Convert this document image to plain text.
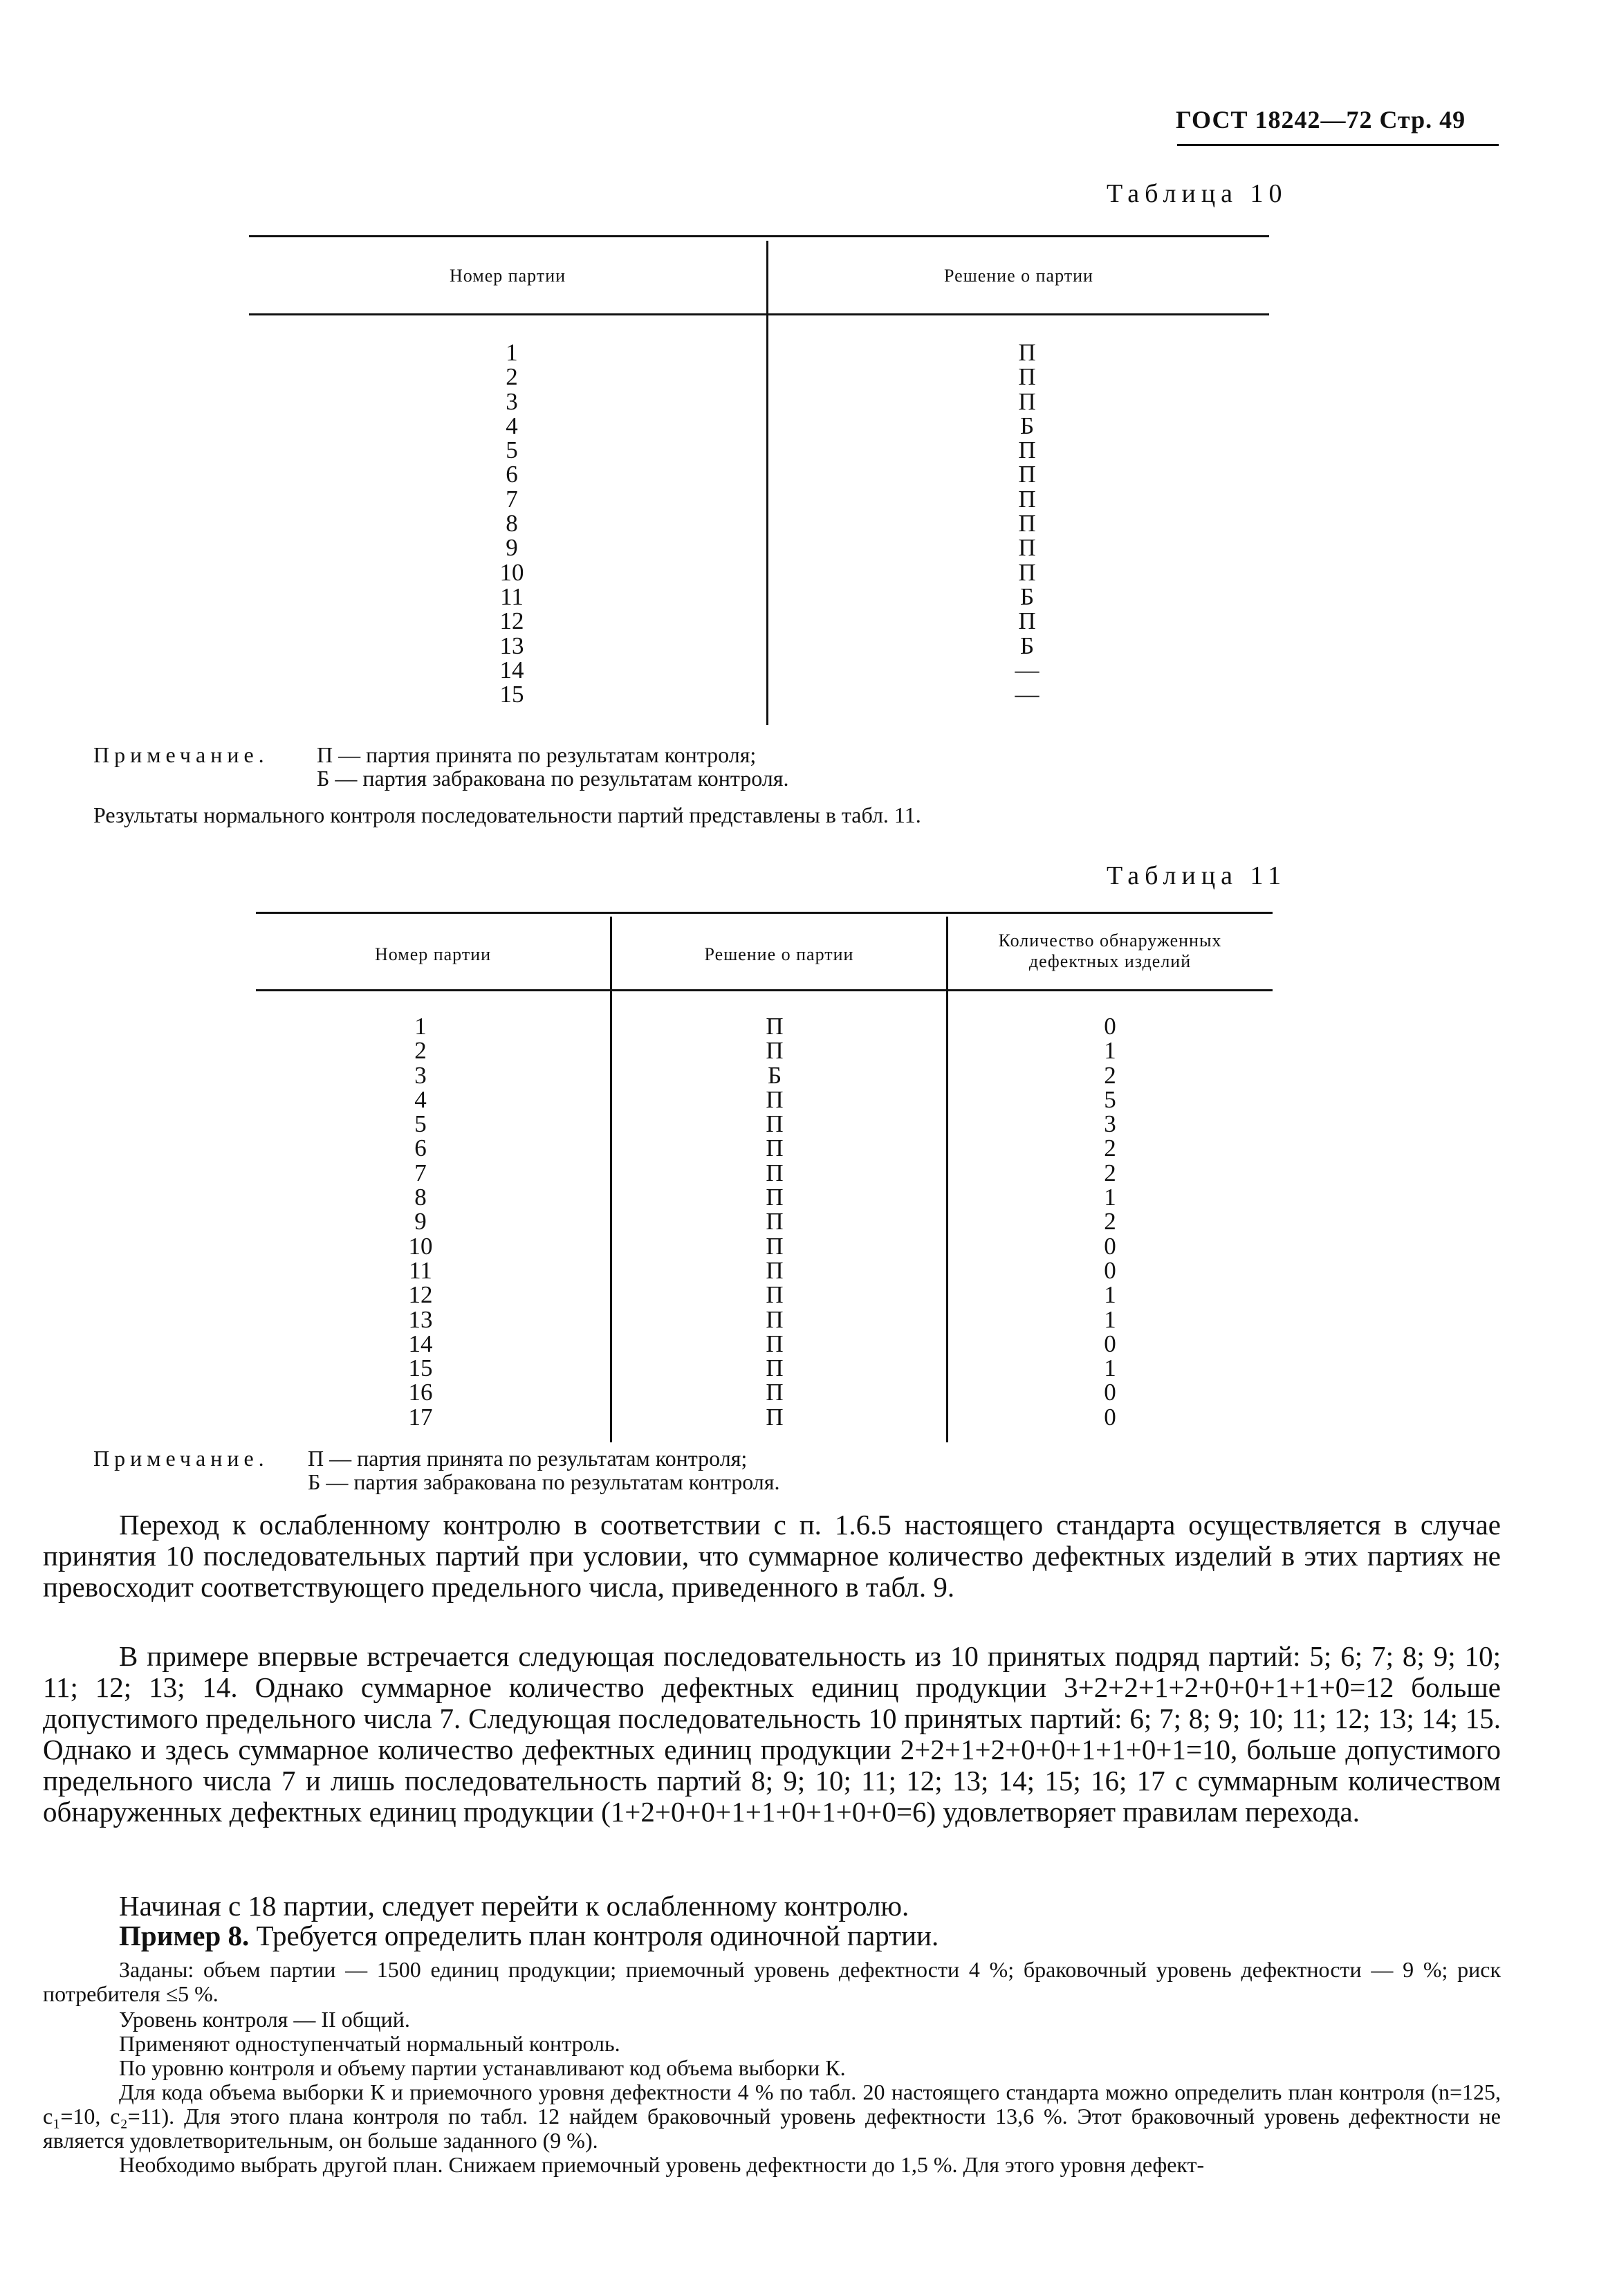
ГОСТ 18242—72 Стр. 49
Таблица 10
Номер партии	Решение о партии
1
2
3
4
5
6
7
8
9
10
11
12
13
14
15
П
П
П
Б
П
П
П
П
П
П
Б
П
Б
—
—
Примечание. П — партия принята по результатам контроля;
Б — партия забракована по результатам контроля.
Результаты нормального контроля последовательности партий представлены в табл. 11.
Таблица 11
Номер партии	Решение о партии
Количество обнаруженных дефектных изделий
1
2
3
4
5
6
7
8
9
10
11
12
13
14
15
16
17
П
П
Б
П
П
П
П
П
П
П
П
П
П
П
П
П
П
0
1
2
5
3
2
2
1
2
0
0
1
1
0
1
0
0
Примечание. П — партия принята по результатам контроля;
Б — партия забракована по результатам контроля.
Переход к ослабленному контролю в соответствии с п. 1.6.5 настоящего стандарта осуществляется в случае принятия 10 последовательных партий при условии, что суммарное количество дефектных изделий в этих партиях не превосходит соответствующего предельного числа, приведенного в табл. 9.
В примере впервые встречается следующая последовательность из 10 принятых подряд партий: 5; 6; 7; 8; 9; 10; 11; 12; 13; 14. Однако суммарное количество дефектных единиц продукции 3+2+2+1+2+0+0+1+1+0=12 больше допустимого предельного числа 7. Следующая последовательность 10 принятых партий: 6; 7; 8; 9; 10; 11; 12; 13; 14; 15. Однако и здесь суммарное количество дефектных единиц продукции 2+2+1+2+0+0+1+1+0+1=10, больше допустимого предельного числа 7 и лишь последовательность партий 8; 9; 10; 11; 12; 13; 14; 15; 16; 17 с суммарным количеством обнаруженных дефектных единиц продукции (1+2+0+0+1+1+0+1+0+0=6) удовлетворяет правилам перехода.
Начиная с 18 партии, следует перейти к ослабленному контролю.
Пример 8. Требуется определить план контроля одиночной партии.
Заданы: объем партии — 1500 единиц продукции; приемочный уровень дефектности 4 %; браковочный уровень дефектности — 9 %; риск потребителя ≤5 %.
Уровень контроля — II общий.
Применяют одноступенчатый нормальный контроль.
По уровню контроля и объему партии устанавливают код объема выборки К.
Для кода объема выборки К и приемочного уровня дефектности 4 % по табл. 20 настоящего стандарта можно определить план контроля (n=125, c₁=10, c₂=11). Для этого плана контроля по табл. 12 найдем браковочный уровень дефектности 13,6 %. Этот браковочный уровень дефектности не является удовлетворительным, он больше заданного (9 %).
Необходимо выбрать другой план. Снижаем приемочный уровень дефектности до 1,5 %. Для этого уровня дефект-
